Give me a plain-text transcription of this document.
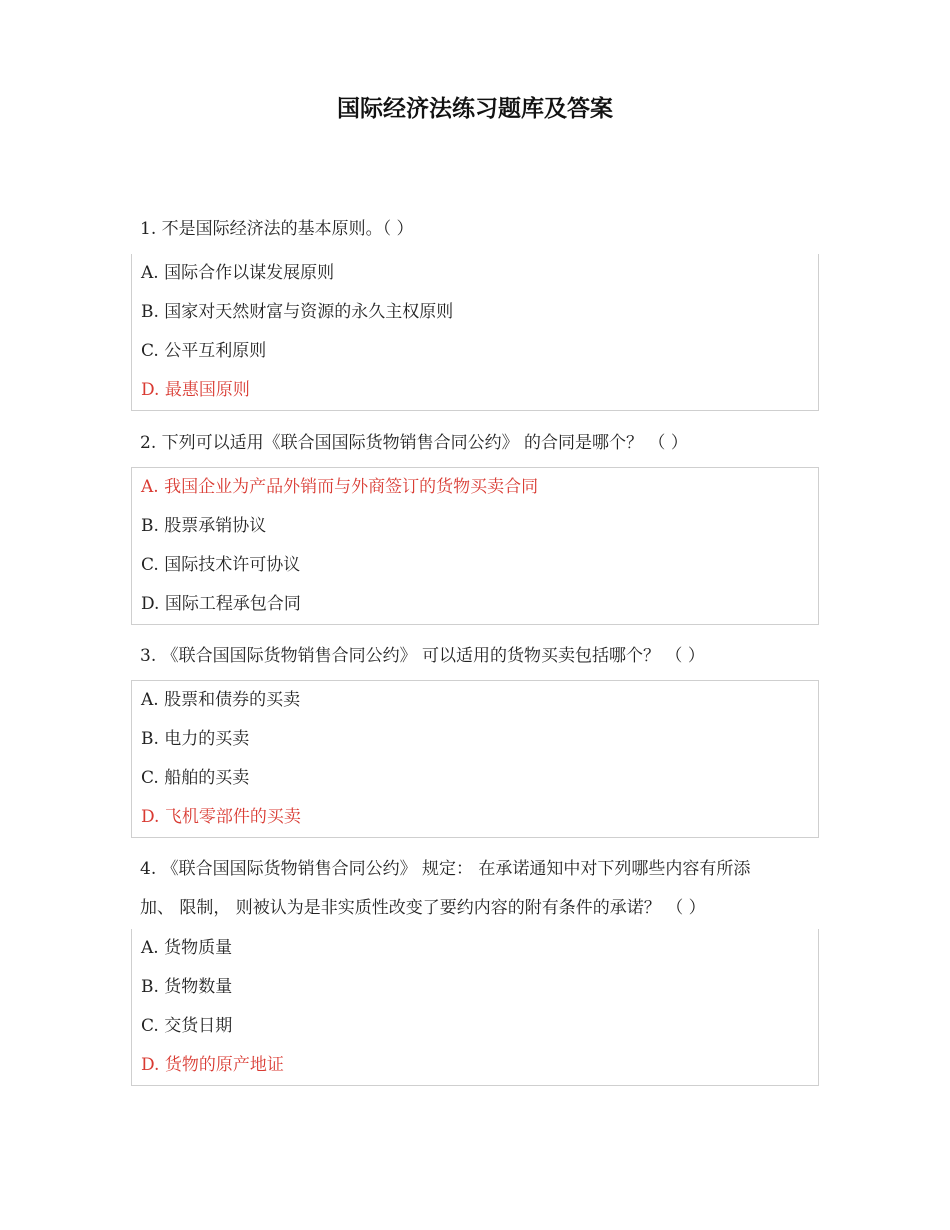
国际经济法练习题库及答案
1. 不是国际经济法的基本原则。（ ）
A. 国际合作以谋发展原则
B. 国家对天然财富与资源的永久主权原则
C. 公平互利原则
D. 最惠国原则
2. 下列可以适用《联合国国际货物销售合同公约》 的合同是哪个？ （ ）
A. 我国企业为产品外销而与外商签订的货物买卖合同
B. 股票承销协议
C. 国际技术许可协议
D. 国际工程承包合同
3. 《联合国国际货物销售合同公约》 可以适用的货物买卖包括哪个？ （ ）
A. 股票和债券的买卖
B. 电力的买卖
C. 船舶的买卖
D. 飞机零部件的买卖
4. 《联合国国际货物销售合同公约》 规定： 在承诺通知中对下列哪些内容有所添
加、 限制， 则被认为是非实质性改变了要约内容的附有条件的承诺？ （ ）
A. 货物质量
B. 货物数量
C. 交货日期
D. 货物的原产地证
